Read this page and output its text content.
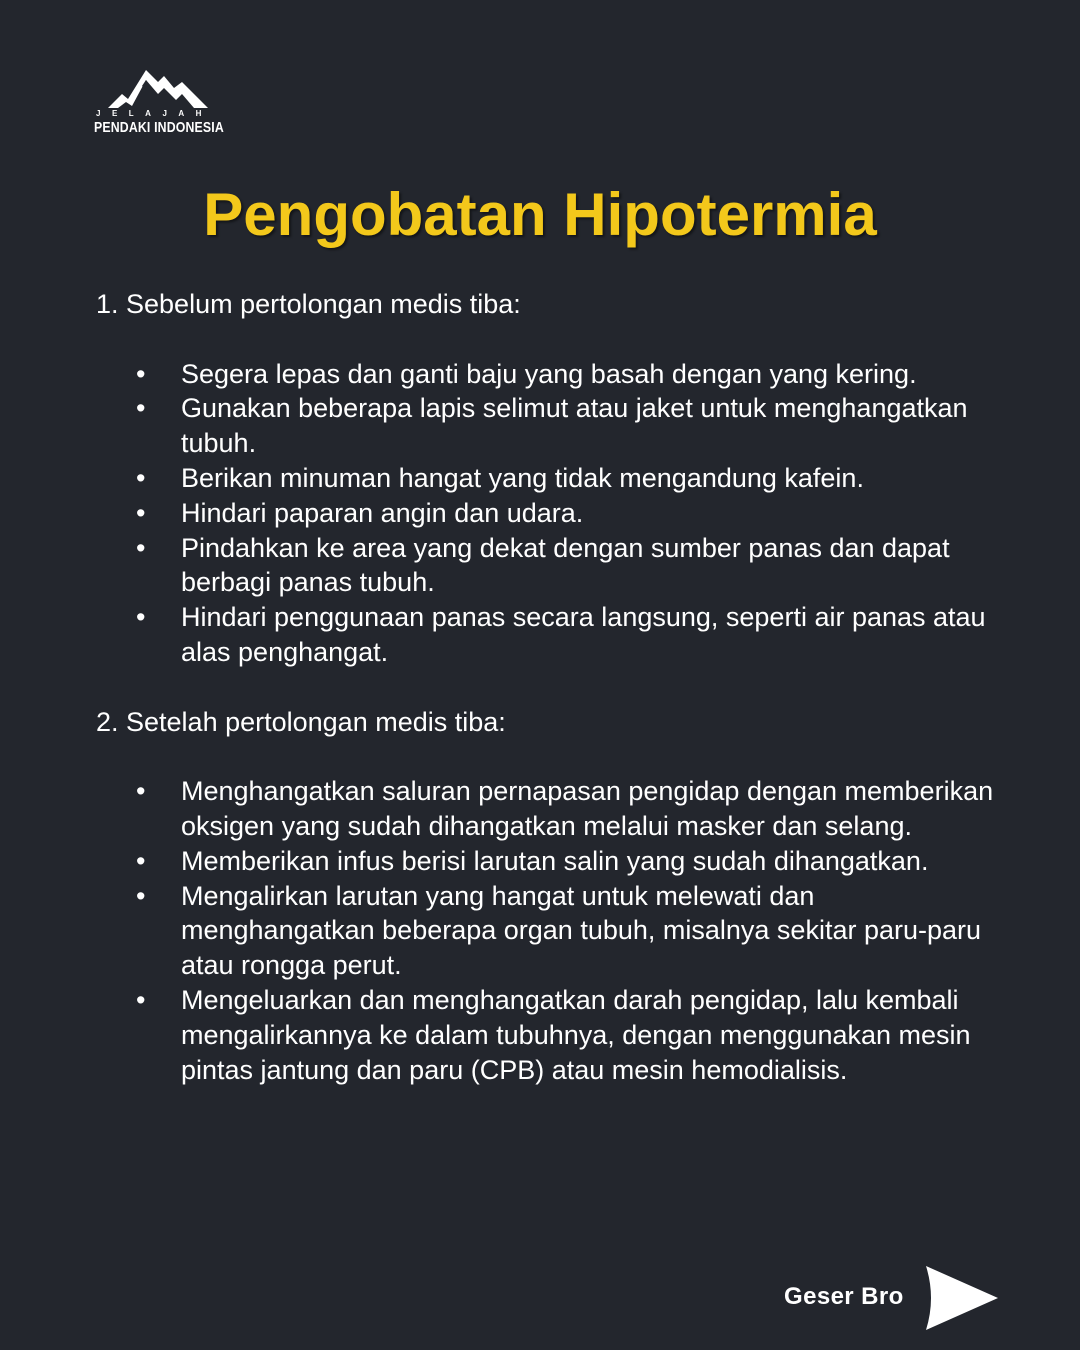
JELAJAH
PENDAKI INDONESIA
Pengobatan Hipotermia

1. Sebelum pertolongan medis tiba:

• Segera lepas dan ganti baju yang basah dengan yang kering.
• Gunakan beberapa lapis selimut atau jaket untuk menghangatkan tubuh.
• Berikan minuman hangat yang tidak mengandung kafein.
• Hindari paparan angin dan udara.
• Pindahkan ke area yang dekat dengan sumber panas dan dapat berbagi panas tubuh.
• Hindari penggunaan panas secara langsung, seperti air panas atau alas penghangat.

2. Setelah pertolongan medis tiba:

• Menghangatkan saluran pernapasan pengidap dengan memberikan oksigen yang sudah dihangatkan melalui masker dan selang.
• Memberikan infus berisi larutan salin yang sudah dihangatkan.
• Mengalirkan larutan yang hangat untuk melewati dan menghangatkan beberapa organ tubuh, misalnya sekitar paru-paru atau rongga perut.
• Mengeluarkan dan menghangatkan darah pengidap, lalu kembali mengalirkannya ke dalam tubuhnya, dengan menggunakan mesin pintas jantung dan paru (CPB) atau mesin hemodialisis.
Geser Bro
